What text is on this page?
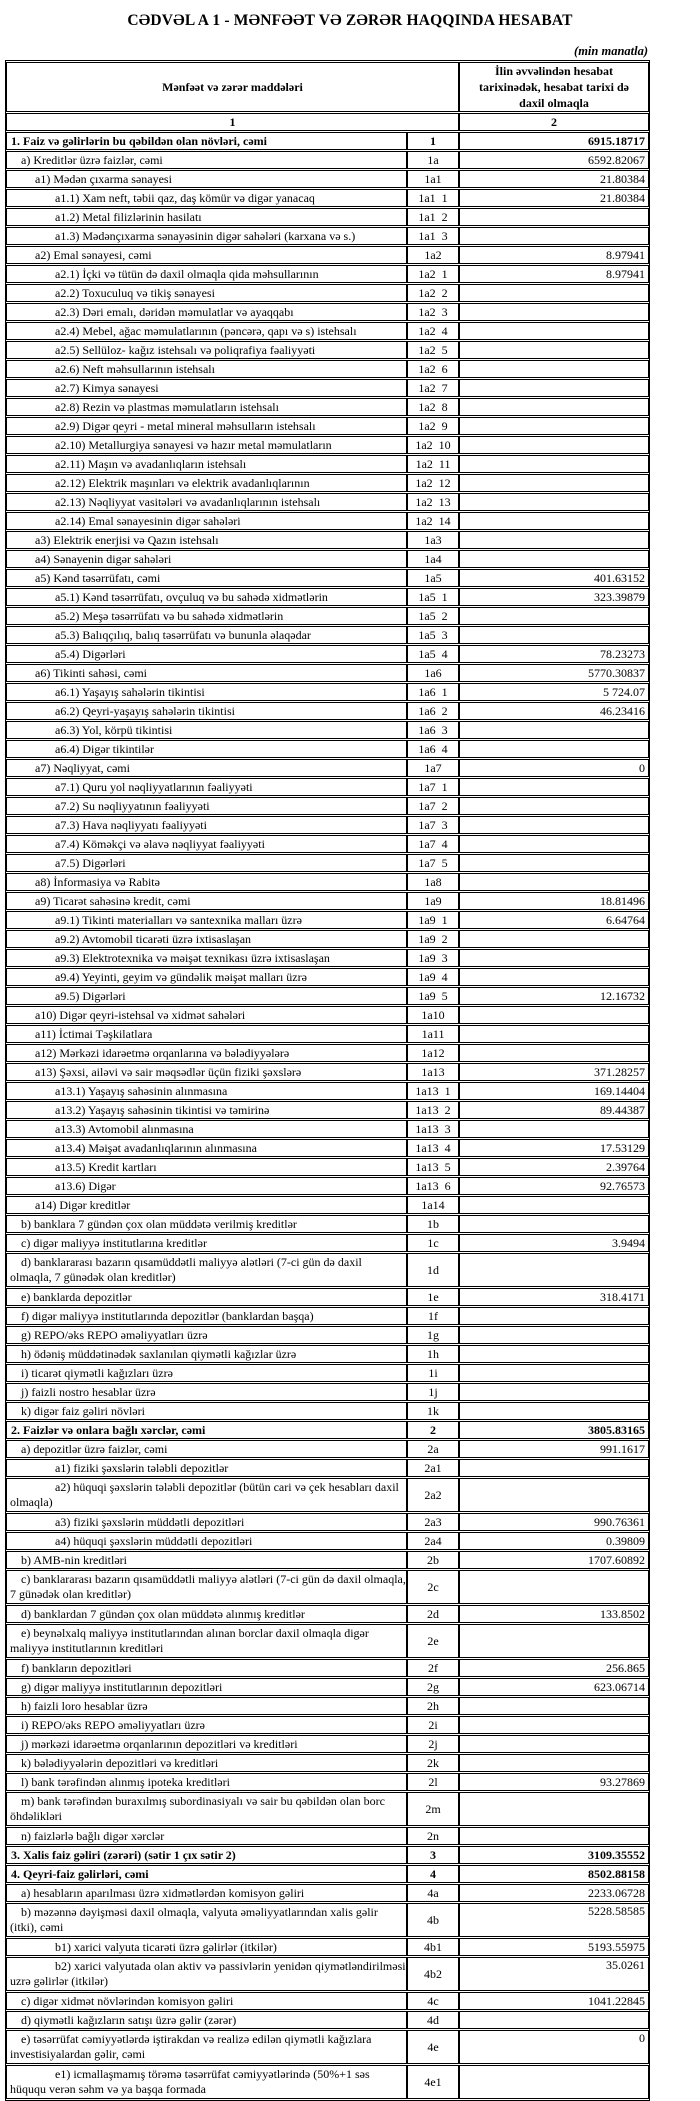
CƏDVƏL A 1 - MƏNFƏƏT VƏ ZƏRƏR HAQQINDA HESABAT
(min manatla)
Mənfəət və zərər maddələri		İlin əvvəlindən hesabat tarixinədək, hesabat tarixi də daxil olmaqla
1		2
1. Faiz və gəlirlərin bu qəbildən olan növləri, cəmi	1	6915.18717
a) Kreditlər üzrə faizlər, cəmi	1a	6592.82067
a1) Mədən çıxarma sənayesi	1a1	21.80384
a1.1) Xam neft, təbii qaz, daş kömür və digər yanacaq	1a1  1	21.80384
a1.2) Metal filizlərinin hasilatı	1a1  2	
a1.3) Mədənçıxarma sənayəsinin digər sahələri (karxana və s.)	1a1  3	
a2) Emal sənayesi, cəmi	1a2	8.97941
a2.1) İçki və tütün də daxil olmaqla qida məhsullarının	1a2  1	8.97941
a2.2) Toxuculuq və tikiş sənayesi	1a2  2	
a2.3) Dəri emalı, dəridən məmulatlar və ayaqqabı	1a2  3	
a2.4) Mebel, ağac məmulatlarının (pəncərə, qapı və s) istehsalı	1a2  4	
a2.5) Sellüloz- kağız istehsalı və poliqrafiya fəaliyyəti	1a2  5	
a2.6) Neft məhsullarının istehsalı	1a2  6	
a2.7) Kimya sənayesi	1a2  7	
a2.8) Rezin və plastmas məmulatların istehsalı	1a2  8	
a2.9) Digər qeyri - metal mineral məhsulların istehsalı	1a2  9	
a2.10) Metallurgiya sənayesi və hazır metal məmulatların	1a2  10	
a2.11) Maşın və avadanlıqların istehsalı	1a2  11	
a2.12) Elektrik maşınları və elektrik avadanlıqlarının	1a2  12	
a2.13) Nəqliyyat vasitələri və avadanlıqlarının istehsalı	1a2  13	
a2.14) Emal sənayesinin digər sahələri	1a2  14	
a3) Elektrik enerjisi və Qazın istehsalı	1a3	
a4) Sənayenin digər sahələri	1a4	
a5) Kənd təsərrüfatı, cəmi	1a5	401.63152
a5.1) Kənd təsərrüfatı, ovçuluq və bu sahədə xidmətlərin	1a5  1	323.39879
a5.2) Meşə təsərrüfatı və bu sahədə xidmətlərin	1a5  2	
a5.3) Balıqçılıq, balıq təsərrüfatı və bununla əlaqədar	1a5  3	
a5.4) Digərləri	1a5  4	78.23273
a6) Tikinti sahəsi, cəmi	1a6	5770.30837
a6.1) Yaşayış sahələrin tikintisi	1a6  1	5 724.07
a6.2) Qeyri-yaşayış sahələrin tikintisi	1a6  2	46.23416
a6.3) Yol, körpü tikintisi	1a6  3	
a6.4) Digər tikintilər	1a6  4	
a7) Nəqliyyat, cəmi	1a7	0
a7.1) Quru yol nəqliyyatlarının fəaliyyəti	1a7  1	
a7.2) Su nəqliyyatının fəaliyyəti	1a7  2	
a7.3) Hava nəqliyyatı fəaliyyəti	1a7  3	
a7.4) Köməkçi və əlavə nəqliyyat fəaliyyəti	1a7  4	
a7.5) Digərləri	1a7  5	
a8) İnformasiya və Rabitə	1a8	
a9) Ticarət sahəsinə kredit, cəmi	1a9	18.81496
a9.1) Tikinti materialları və santexnika malları üzrə	1a9  1	6.64764
a9.2) Avtomobil ticarəti üzrə ixtisaslaşan	1a9  2	
a9.3) Elektrotexnika və məişət texnikası üzrə ixtisaslaşan	1a9  3	
a9.4) Yeyinti, geyim və gündəlik məişət malları üzrə	1a9  4	
a9.5) Digərləri	1a9  5	12.16732
a10) Digər qeyri-istehsal və xidmət sahələri	1a10	
a11) İctimai Təşkilatlara	1a11	
a12) Mərkəzi idarəetmə orqanlarına və bələdiyyələrə	1a12	
a13) Şəxsi, ailəvi və sair məqsədlər üçün fiziki şəxslərə	1a13	371.28257
a13.1) Yaşayış sahəsinin alınmasına	1a13  1	169.14404
a13.2) Yaşayış sahəsinin tikintisi və təmirinə	1a13  2	89.44387
a13.3) Avtomobil alınmasına	1a13  3	
a13.4) Məişət avadanlıqlarının alınmasına	1a13  4	17.53129
a13.5) Kredit kartları	1a13  5	2.39764
a13.6) Digər	1a13  6	92.76573
a14) Digər kreditlər	1a14	
b) banklara 7 gündən çox olan müddətə verilmiş kreditlər	1b	
c) digər maliyyə institutlarına kreditlər	1c	3.9494
d) banklararası bazarın qısamüddətli maliyyə alətləri (7-ci gün də daxil olmaqla, 7 günədək olan kreditlər)	1d	
e) banklarda depozitlər	1e	318.4171
f) digər maliyyə institutlarında depozitlər (banklardan başqa)	1f	
g) REPO/əks REPO əməliyyatları üzrə	1g	
h) ödəniş müddətinədək saxlanılan qiymətli kağızlar üzrə	1h	
i) ticarət qiymətli kağızları üzrə	1i	
j) faizli nostro hesablar üzrə	1j	
k) digər faiz gəliri növləri	1k	
2. Faizlər və onlara bağlı xərclər, cəmi	2	3805.83165
a) depozitlər üzrə faizlər, cəmi	2a	991.1617
a1) fiziki şəxslərin tələbli depozitlər	2a1	
a2) hüquqi şəxslərin tələbli depozitlər (bütün cari və çek hesabları daxil olmaqla)	2a2	
a3) fiziki şəxslərin müddətli depozitləri	2a3	990.76361
a4) hüquqi şəxslərin müddətli depozitləri	2a4	0.39809
b) AMB-nin kreditləri	2b	1707.60892
c) banklararası bazarın qısamüddətli maliyyə alətləri (7-ci gün də daxil olmaqla, 7 günədək olan kreditlər)	2c	
d) banklardan 7 gündən çox olan müddətə alınmış kreditlər	2d	133.8502
e) beynəlxalq maliyyə institutlarından alınan borclar daxil olmaqla digər maliyyə institutlarının kreditləri	2e	
f) bankların depozitləri	2f	256.865
g) digər maliyyə institutlarının depozitləri	2g	623.06714
h) faizli loro hesablar üzrə	2h	
i) REPO/əks REPO əməliyyatları üzrə	2i	
j) mərkəzi idarəetmə orqanlarının depozitləri və kreditləri	2j	
k) bələdiyyələrin depozitləri və kreditləri	2k	
l) bank tərəfindən alınmış ipoteka kreditləri	2l	93.27869
m) bank tərəfindən buraxılmış subordinasiyalı və sair bu qəbildən olan borc öhdəlikləri	2m	
n) faizlərlə bağlı digər xərclər	2n	
3. Xalis faiz gəliri (zərəri) (sətir 1 çıx sətir 2)	3	3109.35552
4. Qeyri-faiz gəlirləri, cəmi	4	8502.88158
a) hesabların aparılması üzrə xidmətlərdən komisyon gəliri	4a	2233.06728
b) məzənnə dəyişməsi daxil olmaqla, valyuta əməliyyatlarından xalis gəlir (itki), cəmi	4b	5228.58585
b1) xarici valyuta ticarəti üzrə gəlirlər (itkilər)	4b1	5193.55975
b2) xarici valyutada olan aktiv və passivlərin yenidən qiymətləndirilməsi uzrə gəlirlər (itkilər)	4b2	35.0261
c) digər xidmət növlərindən komisyon gəliri	4c	1041.22845
d) qiymətli kağızların satışı üzrə gəlir (zərər)	4d	
e) təsərrüfat cəmiyyətlərdə iştirakdan və realizə edilən qiymətli kağızlara investisiyalardan gəlir, cəmi	4e	0
e1) icmallaşmamış törəmə təsərrüfat cəmiyyətlərində (50%+1 səs hüququ verən səhm və ya başqa formada	4e1	
